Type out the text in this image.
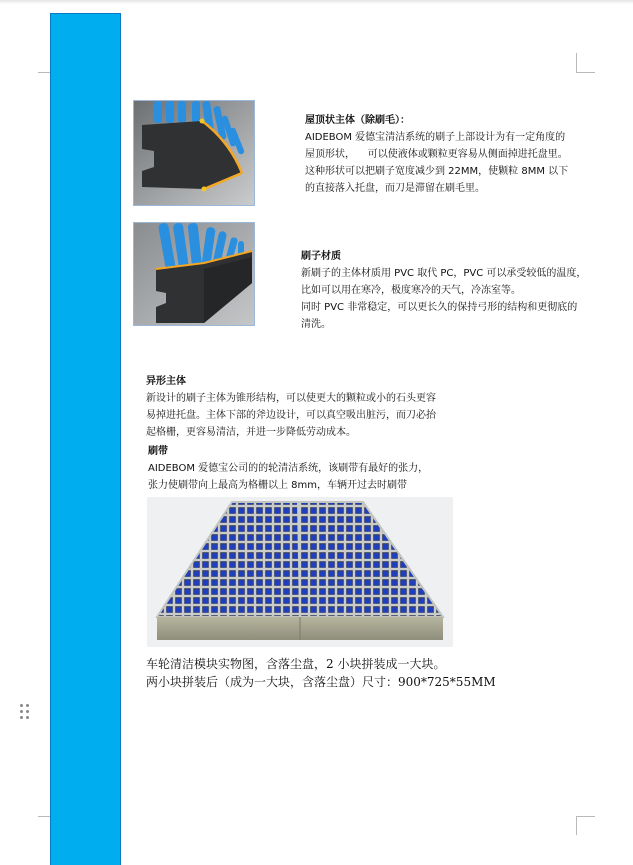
屋顶状主体（除刷毛）：

AIDEBOM 爱德宝清洁系统的刷子上部设计为有一定角度的

屋顶形状，    可以使液体或颗粒更容易从侧面掉进托盘里。

这种形状可以把刷子宽度减少到 22MM，使颗粒 8MM 以下

的直接落入托盘，而刀是滞留在刷毛里。

刷子材质

新刷子的主体材质用 PVC 取代 PC，PVC 可以承受较低的温度，

比如可以用在寒冷，极度寒冷的天气，冷冻室等。

同时 PVC 非常稳定，可以更长久的保持弓形的结构和更彻底的

清洗。

异形主体

新设计的刷子主体为锥形结构，可以使更大的颗粒或小的石头更容

易掉进托盘。主体下部的斧边设计，可以真空吸出脏污，而刀必抬

起格栅，更容易清洁，并进一步降低劳动成本。

刷带

AIDEBOM 爱德宝公司的的轮清洁系统，该刷带有最好的张力，

张力使刷带向上最高为格栅以上 8mm，车辆开过去时刷带

车轮清洁模块实物图，含落尘盘，2 小块拼装成一大块。

两小块拼装后（成为一大块，含落尘盘）尺寸：900*725*55MM
